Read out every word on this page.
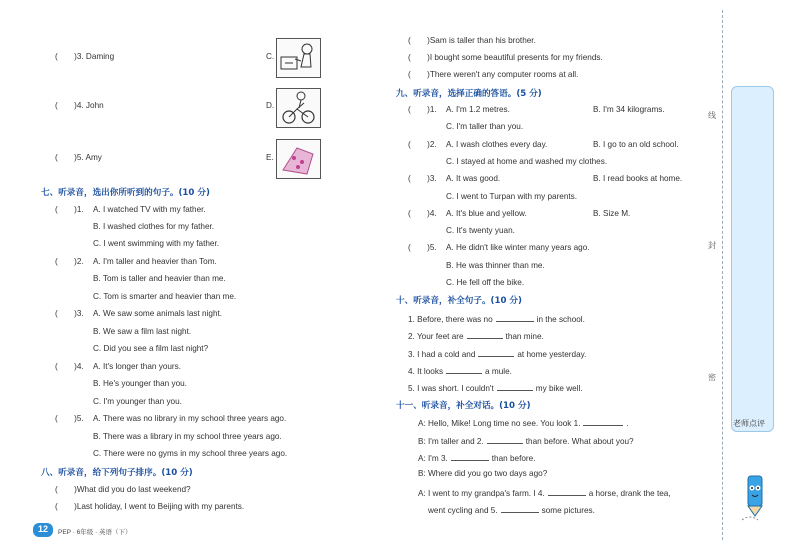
(　　)3. Daming	C.
(　　)4. John	D.
(　　)5. Amy	E.
七、听录音，选出你所听到的句子。(10 分)
(　　)1. A. I watched TV with my father.
B. I washed clothes for my father.
C. I went swimming with my father.
(　　)2. A. I'm taller and heavier than Tom.
B. Tom is taller and heavier than me.
C. Tom is smarter and heavier than me.
(　　)3. A. We saw some animals last night.
B. We saw a film last night.
C. Did you see a film last night?
(　　)4. A. It's longer than yours.
B. He's younger than you.
C. I'm younger than you.
(　　)5. A. There was no library in my school three years ago.
B. There was a library in my school three years ago.
C. There were no gyms in my school three years ago.
八、听录音，给下列句子排序。(10 分)
(　　)What did you do last weekend?
(　　)Last holiday, I went to Beijing with my parents.
12	PEP · 6年级 · 英语（下）
(　　)Sam is taller than his brother.
(　　)I bought some beautiful presents for my friends.
(　　)There weren't any computer rooms at all.
九、听录音，选择正确的答语。(5 分)
(　　)1. A. I'm 1.2 metres.	B. I'm 34 kilograms.
C. I'm taller than you.
(　　)2. A. I wash clothes every day.	B. I go to an old school.
C. I stayed at home and washed my clothes.
(　　)3. A. It was good.	B. I read books at home.
C. I went to Turpan with my parents.
(　　)4. A. It's blue and yellow.	B. Size M.
C. It's twenty yuan.
(　　)5. A. He didn't like winter many years ago.
B. He was thinner than me.
C. He fell off the bike.
十、听录音，补全句子。(10 分)
1. Before, there was no	in the school.
2. Your feet are	than mine.
3. I had a cold and	at home yesterday.
4. It looks	a mule.
5. I was short. I couldn't	my bike well.
十一、听录音，补全对话。(10 分)
A: Hello, Mike! Long time no see. You look 1.	.
B: I'm taller and 2.	than before. What about you?
A: I'm 3.	than before.
B: Where did you go two days ago?
A: I went to my grandpa's farm. I 4.	a horse, drank the tea,
went cycling and 5.	some pictures.
线
封
密
老师点评
